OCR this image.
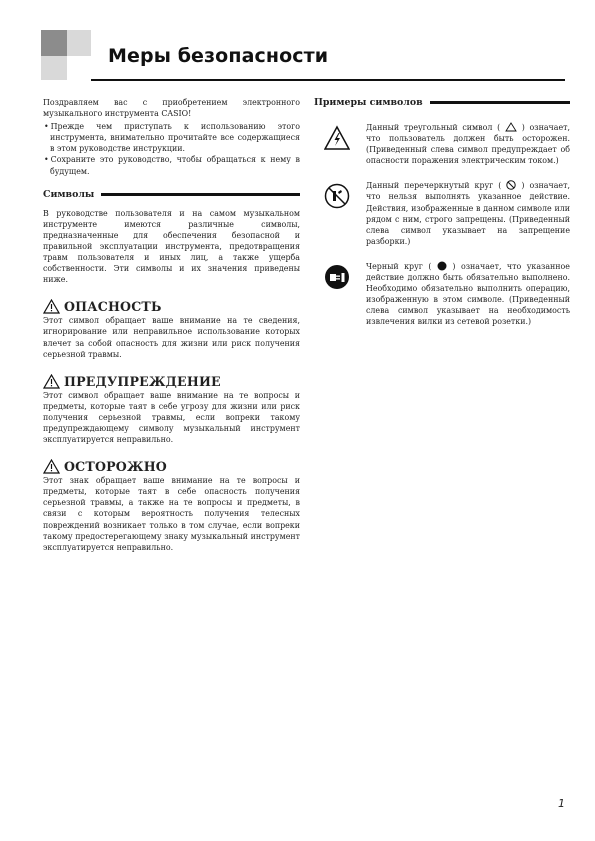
Меры безопасности

Поздравляем вас с приобретением электронного музыкального инструмента CASIO!

• Прежде чем приступать к использованию этого инструмента, внимательно прочитайте все содержащиеся в этом руководстве инструкции.
• Сохраните это руководство, чтобы обращаться к нему в будущем.
Символы

В руководстве пользователя и на самом музыкальном инструменте имеются различные символы, предназначенные для обеспечения безопасной и правильной эксплуатации инструмента, предотвращения травм пользователя и иных лиц, а также ущерба собственности. Эти символы и их значения приведены ниже.

ОПАСНОСТЬ

Этот символ обращает ваше внимание на те сведения, игнорирование или неправильное использование которых влечет за собой опасность для жизни или риск получения серьезной травмы.

ПРЕДУПРЕЖДЕНИЕ

Этот символ обращает ваше внимание на те вопросы и предметы, которые таят в себе угрозу для жизни или риск получения серьезной травмы, если вопреки такому предупреждающему символу музыкальный инструмент эксплуатируется неправильно.

ОСТОРОЖНО

Этот знак обращает ваше внимание на те вопросы и предметы, которые таят в себе опасность получения серьезной травмы, а также на те вопросы и предметы, в связи с которым вероятность получения телесных повреждений возникает только в том случае, если вопреки такому предостерегающему знаку музыкальный инструмент эксплуатируется неправильно.

Примеры символов

Данный треугольный символ (	) означает, что пользователь должен быть осторожен. (Приведенный слева символ предупреждает об опасности поражения электрическим током.)

Данный перечеркнутый круг (	) означает, что нельзя выполнять указанное действие. Действия, изображенные в данном символе или рядом с ним, строго запрещены. (Приведенный слева символ указывает на запрещение разборки.)

Черный круг (	) означает, что указанное действие должно быть обязательно выполнено. Необходимо обязательно выполнить операцию, изображенную в этом символе. (Приведенный слева символ указывает на необходимость извлечения вилки из сетевой розетки.)

1
